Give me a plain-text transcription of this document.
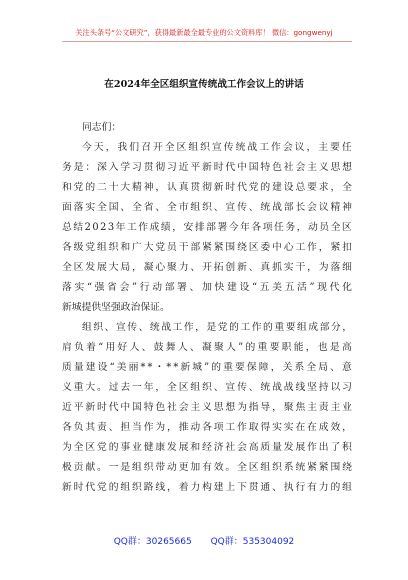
关注头条号“公文研究”，获得最新最全最专业的公文资料库！ 微信：gongwenyj
在2024年全区组织宣传统战工作会议上的讲话
同志们：
今 天 ， 我 们 召 开 全 区 组 织 宣 传 统 战 工 作 会 议 ， 主 要 任
务 是 ： 深 入 学 习 贯 彻 习 近 平 新 时 代 中 国 特 色 社 会 主 义 思 想
和 党 的 二 十 大 精 神 ， 认 真 贯 彻 新 时 代 党 的 建 设 总 要 求 ， 全
面 落 实 全 国 、 全 省 、 全 市 组 织 、 宣 传 、 统 战 部 长 会 议 精 神
总 结 2 0 2 3 年 工 作 成 绩 ， 安 排 部 署 今 年 各 项 任 务 ， 动 员 全 区
各 级 党 组 织 和 广 大 党 员 干 部 紧 紧 围 绕 区 委 中 心 工 作 ， 紧 扣
全 区 发 展 大 局 ， 凝 心 聚 力 、 开 拓 创 新 、 真 抓 实 干 ， 为 落 细
落 实 “ 强 省 会 ” 行 动 部 署 、 加 快 建 设 “ 五 美 五 活 ” 现 代 化
新城提供坚强政治保证。
组 织 、 宣 传 、 统 战 工 作 ， 是 党 的 工 作 的 重 要 组 成 部 分 ，
肩 负 着 “ 用 好 人 、 鼓 舞 人 、 凝 聚 人 ” 的 重 要 职 能 ， 也 是 高
质 量 建 设 “ 美 丽 * * ・ * * 新 城 ” 的 重 要 保 障 ， 关 系 全 局 、 意
义 重 大 。 过 去 一 年 ， 全 区 组 织 、 宣 传 、 统 战 战 线 坚 持 以 习
近 平 新 时 代 中 国 特 色 社 会 主 义 思 想 为 指 导 ， 聚 焦 主 责 主 业
各 负 其 责 、 担 当 作 为 ， 推 动 各 项 工 作 取 得 实 实 在 在 成 效 ，
为 全 区 党 的 事 业 健 康 发 展 和 经 济 社 会 高 质 量 发 展 作 出 了 积
极 贡 献 。 一 是 组 织 带 动 更 加 有 效 。 全 区 组 织 系 统 紧 紧 围 绕
新 时 代 党 的 组 织 路 线 ， 着 力 构 建 上 下 贯 通 、 执 行 有 力 的 组
QQ群：30265665 QQ群：535304092
